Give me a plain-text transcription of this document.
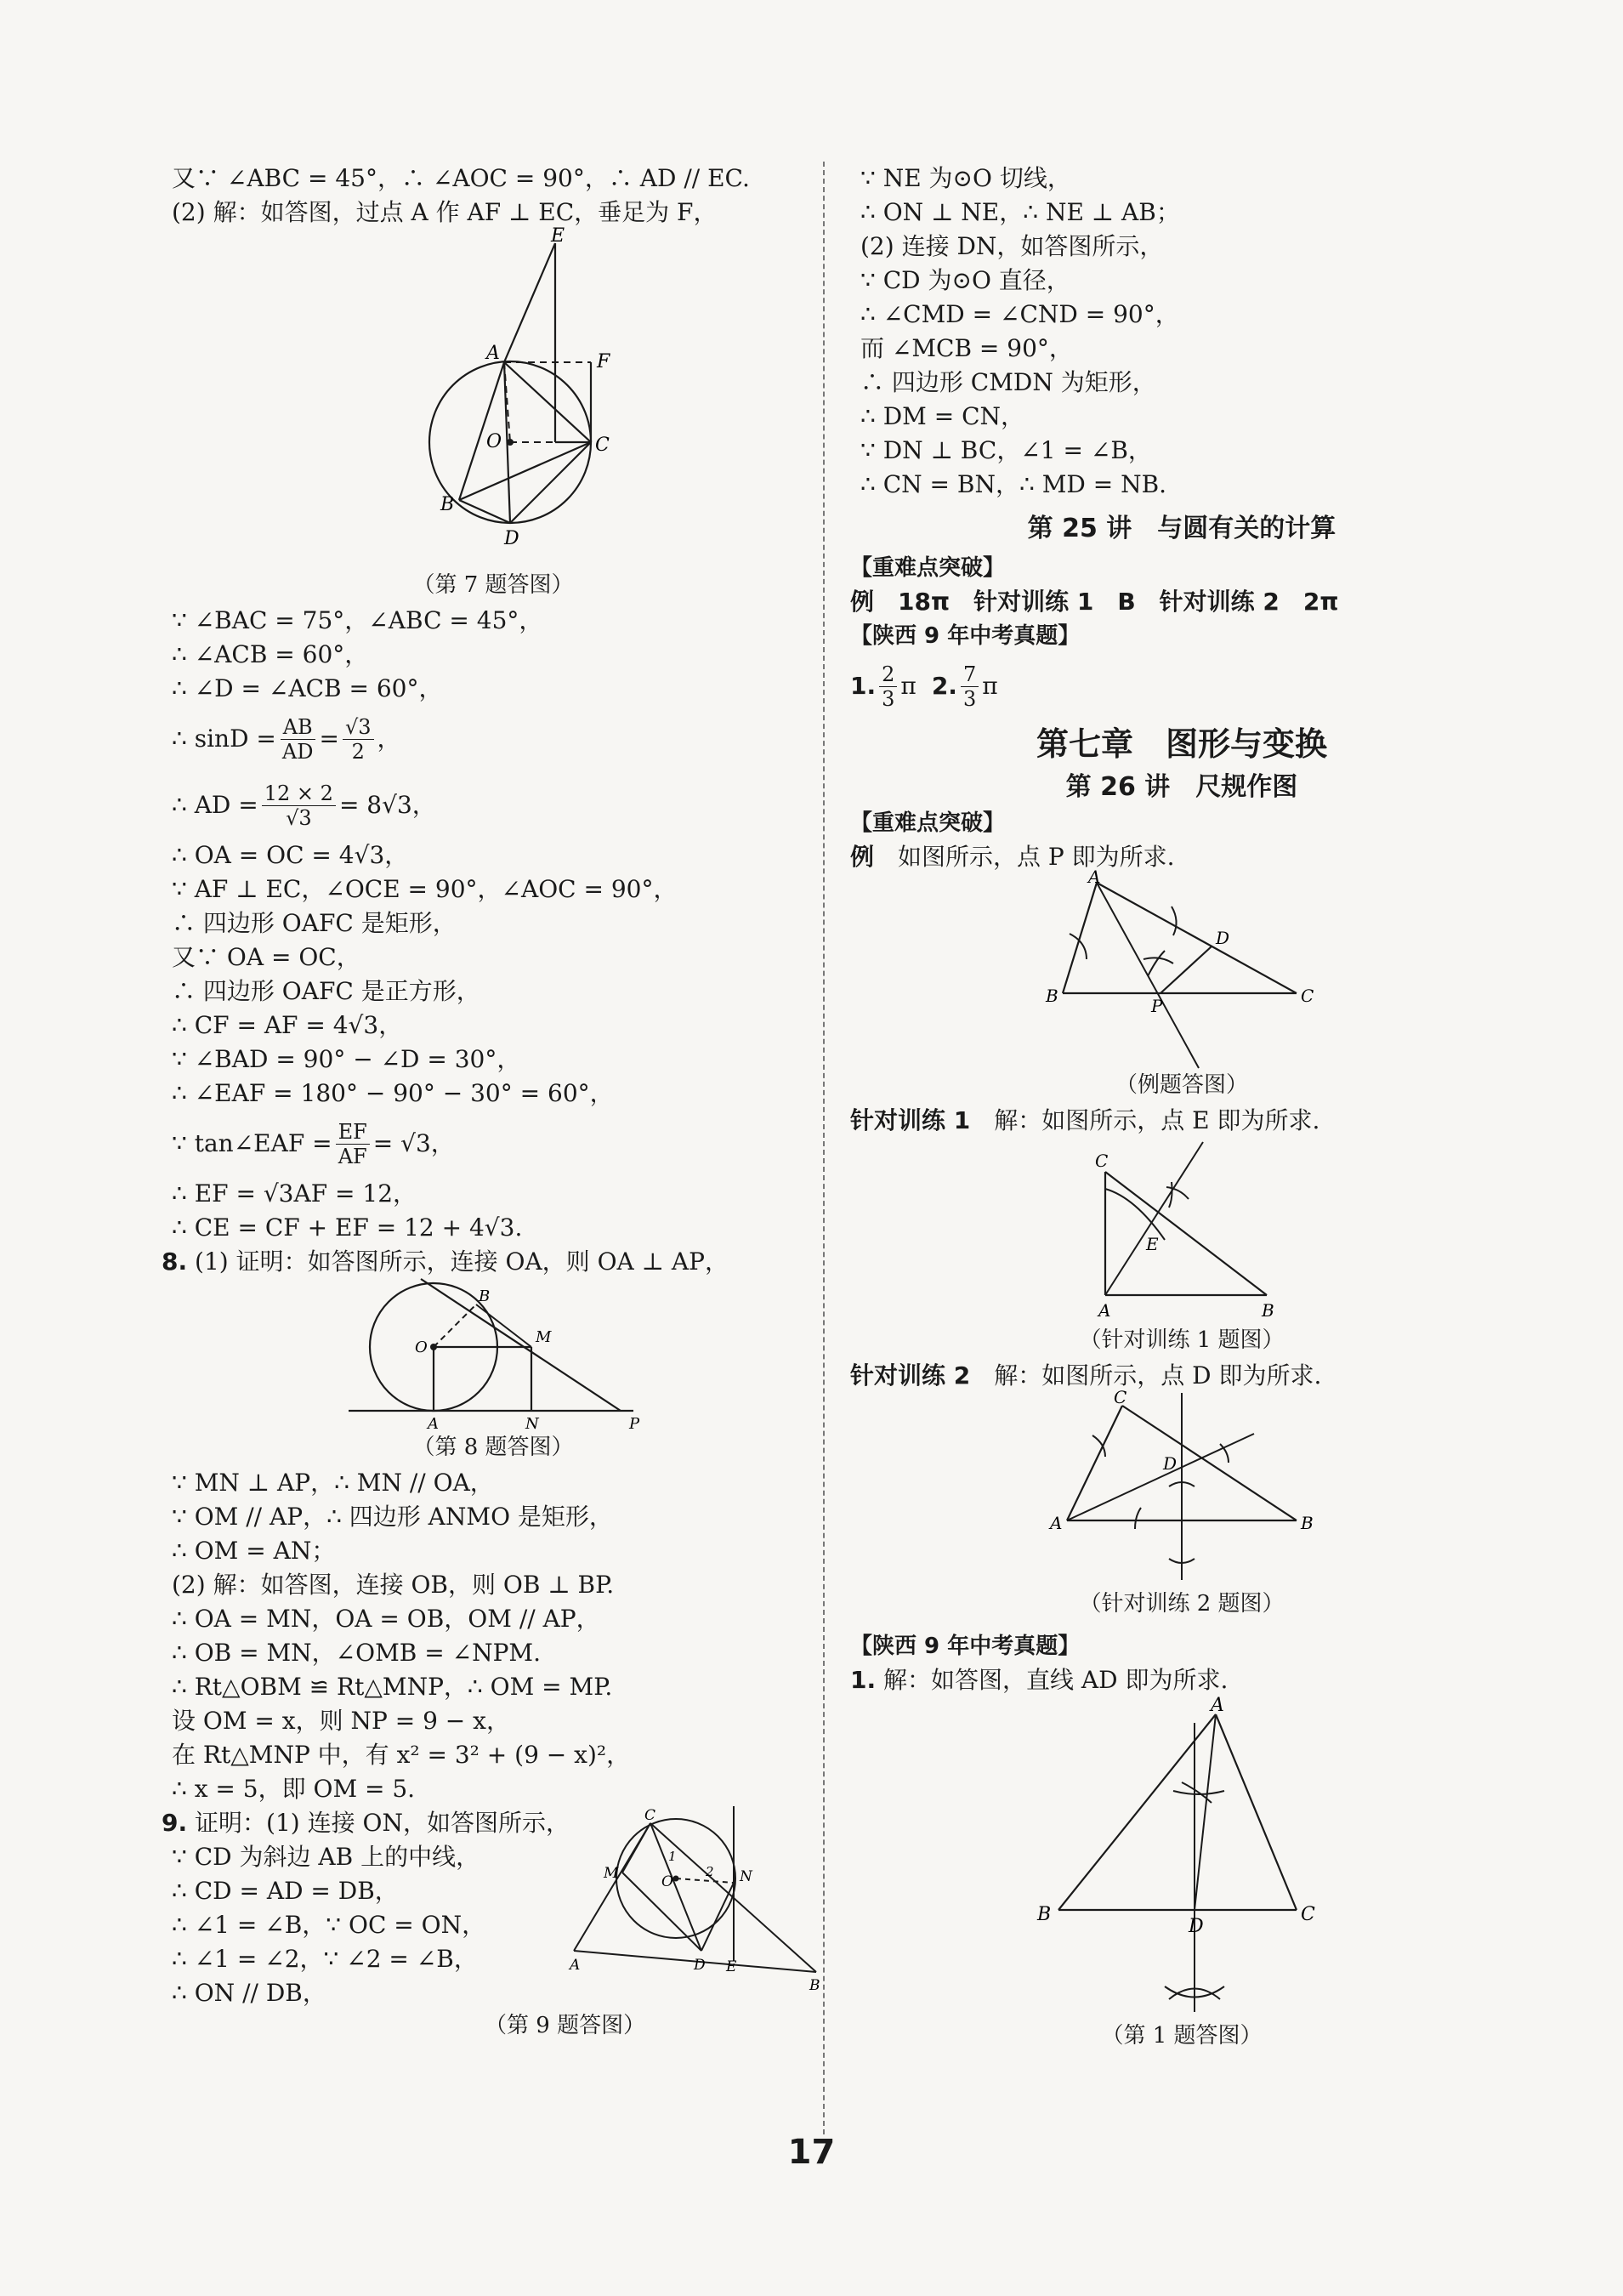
又∵ ∠ABC = 45°，∴ ∠AOC = 90°，∴ AD // EC.
(2) 解：如答图，过点 A 作 AF ⊥ EC，垂足为 F，
E
A	F
O	C
B
D
（第 7 题答图）
∵ ∠BAC = 75°，∠ABC = 45°，
∴ ∠ACB = 60°，
∴ ∠D = ∠ACB = 60°，
∴ $\sin D = \frac{AB}{AD} = \frac{√3}{2}$ ，
∴ AD = $\frac{12 \times 2}{√3} = 8√3$，
∴ OA = OC = 4√3，
∵ AF ⊥ EC，∠OCE = 90°，∠AOC = 90°，
∴ 四边形 OAFC 是矩形，
又∵ OA = OC，
∴ 四边形 OAFC 是正方形，
∴ CF = AF = 4√3，
∵ ∠BAD = 90° − ∠D = 30°，
∴ ∠EAF = 180° − 90° − 30° = 60°，
∵ tan∠EAF = $\frac{EF}{AF} = √3$，
∴ EF = √3AF = 12，
∴ CE = CF + EF = 12 + 4√3.
8. (1) 证明：如答图所示，连接 OA，则 OA ⊥ AP，
B
O
M
A	N	P
（第 8 题答图）
∵ MN ⊥ AP，∴ MN // OA，
∵ OM // AP，∴ 四边形 ANMO 是矩形，
∴ OM = AN；
(2) 解：如答图，连接 OB，则 OB ⊥ BP.
∴ OA = MN，OA = OB，OM // AP，
∴ OB = MN，∠OMB = ∠NPM.
∴ Rt△OBM ≌ Rt△MNP，∴ OM = MP.
设 OM = x，则 NP = 9 − x，
在 Rt△MNP 中，有 x² = 3² + (9 − x)²，
∴ x = 5，即 OM = 5.
9. 证明：(1) 连接 ON，如答图所示，
∵ CD 为斜边 AB 上的中线，
∴ CD = AD = DB，
∴ ∠1 = ∠B，∵ OC = ON，
∴ ∠1 = ∠2，∵ ∠2 = ∠B，
∴ ON // DB，
C
M	O
1
2 N
A	D E
B
（第 9 题答图）
∵ NE 为⊙O 切线，
∴ ON ⊥ NE，∴ NE ⊥ AB；
(2) 连接 DN，如答图所示，
∵ CD 为⊙O 直径，
∴ ∠CMD = ∠CND = 90°，
而 ∠MCB = 90°，
∴ 四边形 CMDN 为矩形，
∴ DM = CN，
∵ DN ⊥ BC，∠1 = ∠B，
∴ CN = BN，∴ MD = NB.
第 25 讲　与圆有关的计算
【重难点突破】
例　18π　针对训练 1　B　针对训练 2　2π
【陕西 9 年中考真题】
1. $\frac{2}{3}$ π 2. $\frac{7}{3}$ π
第七章　图形与变换
第 26 讲　尺规作图
【重难点突破】
例　如图所示，点 P 即为所求.
A
D
B	P	C
（例题答图）
针对训练 1　解：如图所示，点 E 即为所求.
C
E
A	B
（针对训练 1 题图）
针对训练 2　解：如图所示，点 D 即为所求.
C
D
A	B
（针对训练 2 题图）
【陕西 9 年中考真题】
1. 解：如答图，直线 AD 即为所求.
A
B
D
C
（第 1 题答图）
17
